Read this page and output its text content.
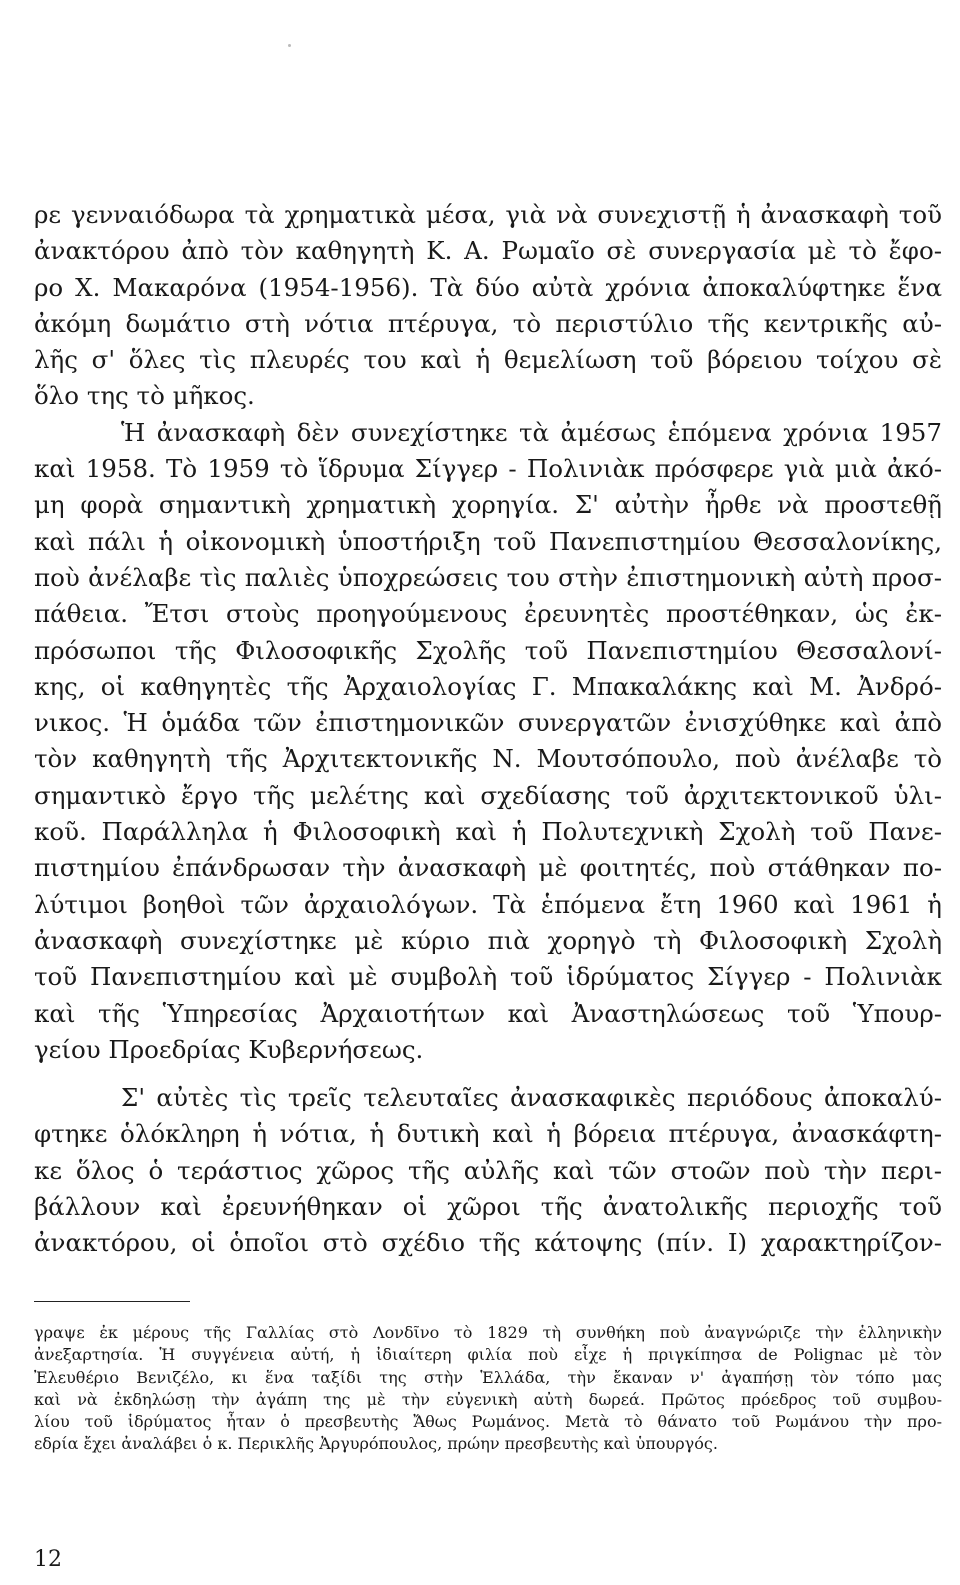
ρε γενναιόδωρα τὰ χρηματικὰ μέσα, γιὰ νὰ συνεχιστῇ ἡ ἀνασκαφὴ τοῦ
ἀνακτόρου ἀπὸ τὸν καθηγητὴ Κ. Α. Ρωμαῖο σὲ συνεργασία μὲ τὸ ἔφο-
ρο Χ. Μακαρόνα (1954-1956). Τὰ δύο αὐτὰ χρόνια ἀποκαλύφτηκε ἕνα
ἀκόμη δωμάτιο στὴ νότια πτέρυγα, τὸ περιστύλιο τῆς κεντρικῆς αὐ-
λῆς σ' ὅλες τὶς πλευρές του καὶ ἡ θεμελίωση τοῦ βόρειου τοίχου σὲ
ὅλο της τὸ μῆκος.
Ἡ ἀνασκαφὴ δὲν συνεχίστηκε τὰ ἀμέσως ἑπόμενα χρόνια 1957
καὶ 1958. Τὸ 1959 τὸ ἵδρυμα Σίγγερ - Πολινιὰκ πρόσφερε γιὰ μιὰ ἀκό-
μη φορὰ σημαντικὴ χρηματικὴ χορηγία. Σ' αὐτὴν ἦρθε νὰ προστεθῇ
καὶ πάλι ἡ οἰκονομικὴ ὑποστήριξη τοῦ Πανεπιστημίου Θεσσαλονίκης,
ποὺ ἀνέλαβε τὶς παλιὲς ὑποχρεώσεις του στὴν ἐπιστημονικὴ αὐτὴ προσ-
πάθεια. Ἔτσι στοὺς προηγούμενους ἐρευνητὲς προστέθηκαν, ὡς ἐκ-
πρόσωποι τῆς Φιλοσοφικῆς Σχολῆς τοῦ Πανεπιστημίου Θεσσαλονί-
κης, οἱ καθηγητὲς τῆς Ἀρχαιολογίας Γ. Μπακαλάκης καὶ Μ. Ἀνδρό-
νικος. Ἡ ὁμάδα τῶν ἐπιστημονικῶν συνεργατῶν ἐνισχύθηκε καὶ ἀπὸ
τὸν καθηγητὴ τῆς Ἀρχιτεκτονικῆς Ν. Μουτσόπουλο, ποὺ ἀνέλαβε τὸ
σημαντικὸ ἔργο τῆς μελέτης καὶ σχεδίασης τοῦ ἀρχιτεκτονικοῦ ὑλι-
κοῦ. Παράλληλα ἡ Φιλοσοφικὴ καὶ ἡ Πολυτεχνικὴ Σχολὴ τοῦ Πανε-
πιστημίου ἐπάνδρωσαν τὴν ἀνασκαφὴ μὲ φοιτητές, ποὺ στάθηκαν πο-
λύτιμοι βοηθοὶ τῶν ἀρχαιολόγων. Τὰ ἑπόμενα ἔτη 1960 καὶ 1961 ἡ
ἀνασκαφὴ συνεχίστηκε μὲ κύριο πιὰ χορηγὸ τὴ Φιλοσοφικὴ Σχολὴ
τοῦ Πανεπιστημίου καὶ μὲ συμβολὴ τοῦ ἱδρύματος Σίγγερ - Πολινιὰκ
καὶ τῆς Ὑπηρεσίας Ἀρχαιοτήτων καὶ Ἀναστηλώσεως τοῦ Ὑπουρ-
γείου Προεδρίας Κυβερνήσεως.
Σ' αὐτὲς τὶς τρεῖς τελευταῖες ἀνασκαφικὲς περιόδους ἀποκαλύ-
φτηκε ὁλόκληρη ἡ νότια, ἡ δυτικὴ καὶ ἡ βόρεια πτέρυγα, ἀνασκάφτη-
κε ὅλος ὁ τεράστιος χῶρος τῆς αὐλῆς καὶ τῶν στοῶν ποὺ τὴν περι-
βάλλουν καὶ ἐρευνήθηκαν οἱ χῶροι τῆς ἀνατολικῆς περιοχῆς τοῦ
ἀνακτόρου, οἱ ὁποῖοι στὸ σχέδιο τῆς κάτοψης (πίν. I) χαρακτηρίζον-
γραψε ἐκ μέρους τῆς Γαλλίας στὸ Λονδῖνο τὸ 1829 τὴ συνθήκη ποὺ ἀναγνώριζε τὴν ἑλληνικὴν
ἀνεξαρτησία. Ἡ συγγένεια αὐτή, ἡ ἰδιαίτερη φιλία ποὺ εἶχε ἡ πριγκίπησα de Polignac μὲ τὸν
Ἐλευθέριο Βενιζέλο, κι ἕνα ταξίδι της στὴν Ἑλλάδα, τὴν ἔκαναν ν' ἀγαπήσῃ τὸν τόπο μας
καὶ νὰ ἐκδηλώσῃ τὴν ἀγάπη της μὲ τὴν εὐγενικὴ αὐτὴ δωρεά. Πρῶτος πρόεδρος τοῦ συμβου-
λίου τοῦ ἱδρύματος ἦταν ὁ πρεσβευτὴς Ἄθως Ρωμάνος. Μετὰ τὸ θάνατο τοῦ Ρωμάνου τὴν προ-
εδρία ἔχει ἀναλάβει ὁ κ. Περικλῆς Ἀργυρόπουλος, πρώην πρεσβευτὴς καὶ ὑπουργός.
12
